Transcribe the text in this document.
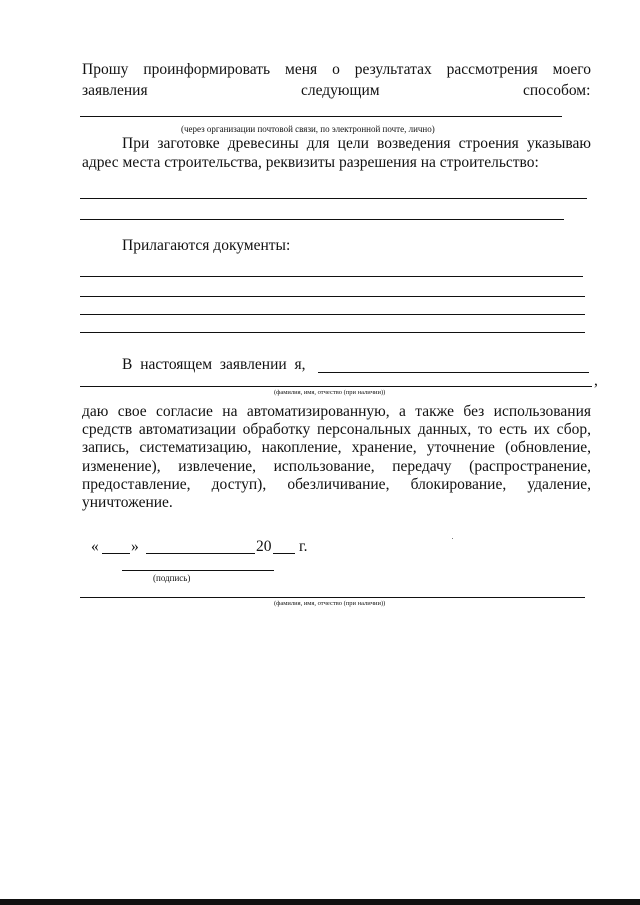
Прошу проинформировать меня о результатах рассмотрения моего
заявления	следующим	способом:
(через организации почтовой связи, по электронной почте, лично)
При заготовке древесины для цели возведения строения указываю
адрес места строительства, реквизиты разрешения на строительство:
Прилагаются документы:
В настоящем заявлении я,
,
(фамилия, имя, отчество (при наличии))
даю свое согласие на автоматизированную, а также без использования средств автоматизации обработку персональных данных, то есть их сбор, запись, систематизацию, накопление, хранение, уточнение (обновление, изменение), извлечение, использование, передачу (распространение, предоставление, доступ), обезличивание, блокирование, удаление, уничтожение.
« »	20 г.
(подпись)
(фамилия, имя, отчество (при наличии))
